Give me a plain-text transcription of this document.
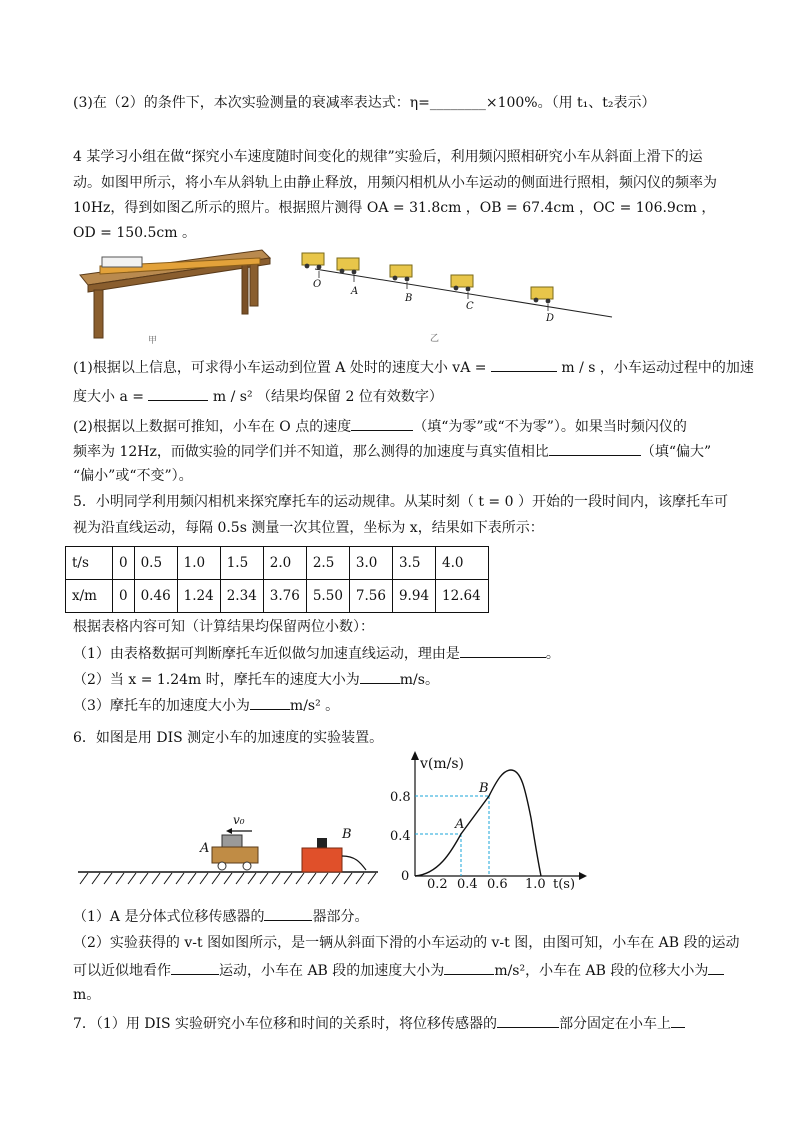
(3)在（2）的条件下，本次实验测量的衰减率表达式：η=________×100%。（用 t₁、t₂表示）
4 某学习小组在做“探究小车速度随时间变化的规律”实验后，利用频闪照相研究小车从斜面上滑下的运
动。如图甲所示，将小车从斜轨上由静止释放，用频闪相机从小车运动的侧面进行照相，频闪仪的频率为
10Hz，得到如图乙所示的照片。根据照片测得 OA = 31.8cm ，OB = 67.4cm ，OC = 106.9cm ，
OD = 150.5cm 。
甲
O
A
B
C
D
乙
(1)根据以上信息，可求得小车运动到位置 A 处时的速度大小 vA =	m / s ，小车运动过程中的加速
度大小 a =	m / s² （结果均保留 2 位有效数字）
(2)根据以上数据可推知，小车在 O 点的速度	（填“为零”或“不为零”）。如果当时频闪仪的
频率为 12Hz，而做实验的同学们并不知道，那么测得的加速度与真实值相比	（填“偏大”
“偏小”或“不变”）。
5．小明同学利用频闪相机来探究摩托车的运动规律。从某时刻（ t = 0 ）开始的一段时间内，该摩托车可
视为沿直线运动，每隔 0.5s 测量一次其位置，坐标为 x，结果如下表所示：
t/s	0	0.5	1.0	1.5	2.0	2.5	3.0	3.5	4.0
x/m	0	0.46	1.24	2.34	3.76	5.50	7.56	9.94	12.64
根据表格内容可知（计算结果均保留两位小数）：
（1）由表格数据可判断摩托车近似做匀加速直线运动，理由是	。
（2）当 x = 1.24m 时，摩托车的速度大小为	m/s。
（3）摩托车的加速度大小为	m/s² 。
6．如图是用 DIS 测定小车的加速度的实验装置。
v₀
A
B
v(m/s)
t(s)
0.8
0.4
0
0.2 0.4 0.6 1.0
A
B
（1）A 是分体式位移传感器的	器部分。
（2）实验获得的 v-t 图如图所示，是一辆从斜面下滑的小车运动的 v-t 图，由图可知，小车在 AB 段的运动
可以近似地看作	运动，小车在 AB 段的加速度大小为	m/s²，小车在 AB 段的位移大小为
m。
7．（1）用 DIS 实验研究小车位移和时间的关系时，将位移传感器的	部分固定在小车上
